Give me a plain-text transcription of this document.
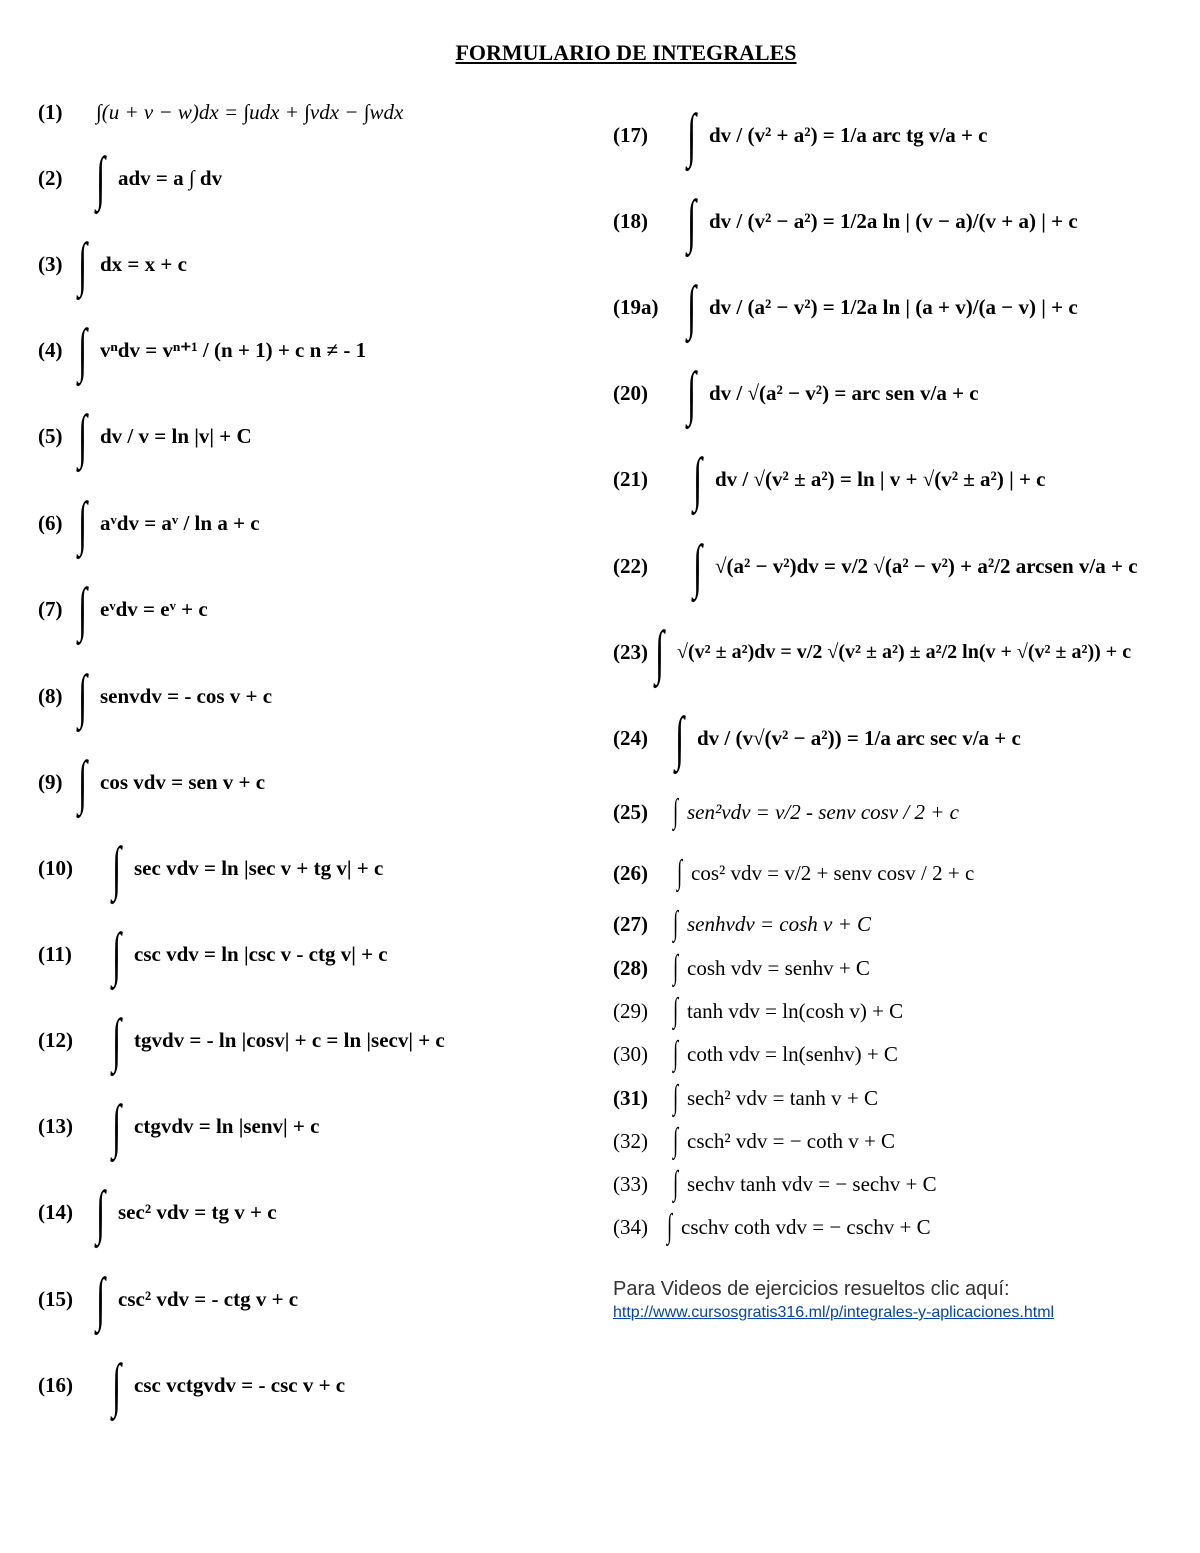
FORMULARIO DE INTEGRALES
(1)	∫(u + v − w)dx = ∫udx + ∫vdx − ∫wdx
(2) ∫ adv = a ∫ dv
(3) ∫ dx = x + c
(4) ∫ vⁿdv = vⁿ⁺¹ / (n + 1) + c n ≠ - 1
(5) ∫ dv / v = ln |v| + C
(6) ∫ aᵛdv = aᵛ / ln a + c
(7) ∫ eᵛdv = eᵛ + c
(8) ∫ senvdv = - cos v + c
(9) ∫ cos vdv = sen v + c
(10) ∫ sec vdv = ln |sec v + tg v| + c
(11) ∫ csc vdv = ln |csc v - ctg v| + c
(12) ∫ tgvdv = - ln |cosv| + c = ln |secv| + c
(13) ∫ ctgvdv = ln |senv| + c
(14) ∫ sec² vdv = tg v + c
(15) ∫ csc² vdv = - ctg v + c
(16) ∫ csc vctgvdv = - csc v + c
(17) ∫ dv / (v² + a²) = 1/a arc tg v/a + c
(18) ∫ dv / (v² − a²) = 1/2a ln | (v − a)/(v + a) | + c
(19a) ∫ dv / (a² − v²) = 1/2a ln | (a + v)/(a − v) | + c
(20) ∫ dv / √(a² − v²) = arc sen v/a + c
(21) ∫ dv / √(v² ± a²) = ln | v + √(v² ± a²) | + c
(22) ∫ √(a² − v²)dv = v/2 √(a² − v²) + a²/2 arcsen v/a + c
(23) ∫ √(v² ± a²)dv = v/2 √(v² ± a²) ± a²/2 ln(v + √(v² ± a²)) + c
(24) ∫ dv / (v√(v² − a²)) = 1/a arc sec v/a + c
(25) ∫ sen²vdv = v/2 - senv cosv / 2 + c
(26) ∫ cos² vdv = v/2 + senv cosv / 2 + c
(27) ∫ senhvdv = cosh v + C
(28) ∫ cosh vdv = senhv + C
(29) ∫ tanh vdv = ln(cosh v) + C
(30) ∫ coth vdv = ln(senhv) + C
(31) ∫ sech² vdv = tanh v + C
(32) ∫ csch² vdv = − coth v + C
(33) ∫ sechv tanh vdv = − sechv + C
(34) ∫ cschv coth vdv = − cschv + C
Para Videos de ejercicios resueltos clic aquí:
http://www.cursosgratis316.ml/p/integrales-y-aplicaciones.html
